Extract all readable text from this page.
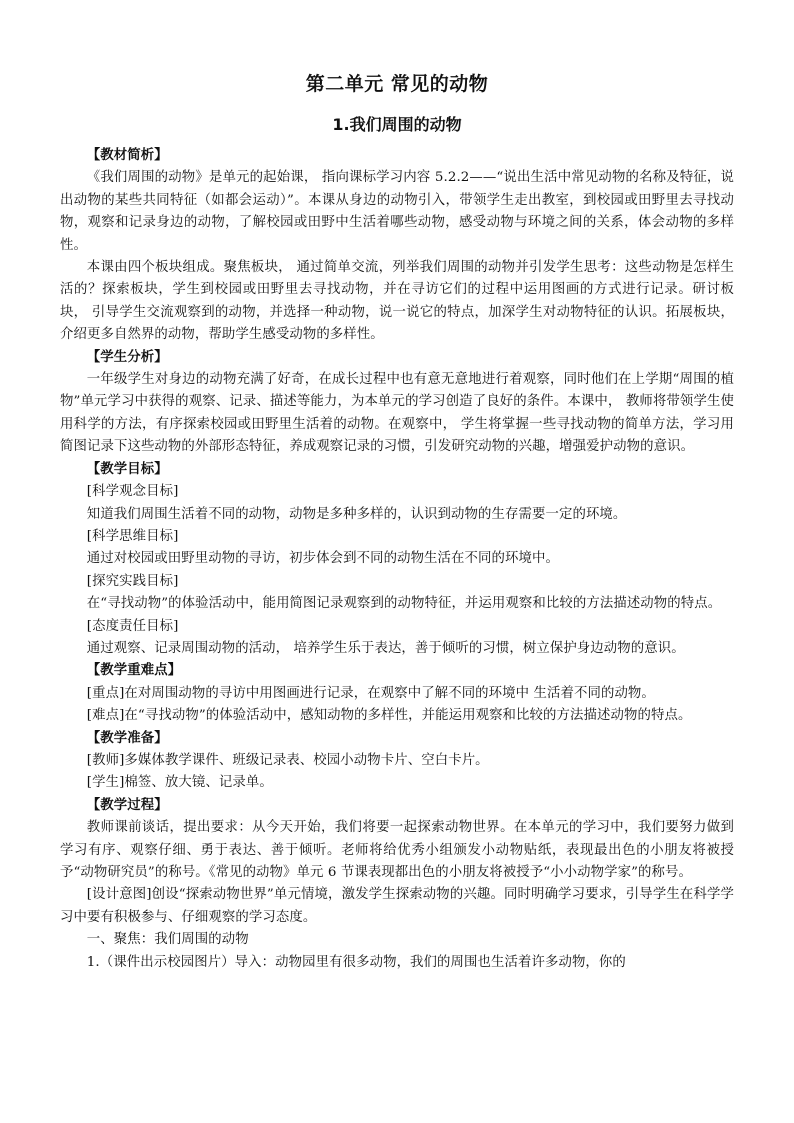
第二单元 常见的动物
1.我们周围的动物

【教材简析】

《我们周围的动物》是单元的起始课， 指向课标学习内容 5.2.2——“说出生活中常见动物的名称及特征，说出动物的某些共同特征（如都会运动）”。本课从身边的动物引入，带领学生走出教室，到校园或田野里去寻找动物，观察和记录身边的动物，了解校园或田野中生活着哪些动物，感受动物与环境之间的关系，体会动物的多样性。

本课由四个板块组成。聚焦板块， 通过简单交流，列举我们周围的动物并引发学生思考：这些动物是怎样生活的？探索板块，学生到校园或田野里去寻找动物，并在寻访它们的过程中运用图画的方式进行记录。研讨板块， 引导学生交流观察到的动物，并选择一种动物，说一说它的特点，加深学生对动物特征的认识。拓展板块，介绍更多自然界的动物，帮助学生感受动物的多样性。

【学生分析】

一年级学生对身边的动物充满了好奇，在成长过程中也有意无意地进行着观察，同时他们在上学期“周围的植物”单元学习中获得的观察、记录、描述等能力，为本单元的学习创造了良好的条件。本课中， 教师将带领学生使用科学的方法，有序探索校园或田野里生活着的动物。在观察中， 学生将掌握一些寻找动物的简单方法，学习用简图记录下这些动物的外部形态特征，养成观察记录的习惯，引发研究动物的兴趣，增强爱护动物的意识。

【教学目标】

[科学观念目标]

知道我们周围生活着不同的动物，动物是多种多样的，认识到动物的生存需要一定的环境。

[科学思维目标]

通过对校园或田野里动物的寻访，初步体会到不同的动物生活在不同的环境中。

[探究实践目标]

在“寻找动物”的体验活动中，能用简图记录观察到的动物特征，并运用观察和比较的方法描述动物的特点。

[态度责任目标]

通过观察、记录周围动物的活动， 培养学生乐于表达，善于倾听的习惯，树立保护身边动物的意识。

【教学重难点】

[重点]在对周围动物的寻访中用图画进行记录，在观察中了解不同的环境中 生活着不同的动物。

[难点]在“寻找动物”的体验活动中，感知动物的多样性，并能运用观察和比较的方法描述动物的特点。

【教学准备】

[教师]多媒体教学课件、班级记录表、校园小动物卡片、空白卡片。

[学生]棉签、放大镜、记录单。

【教学过程】

教师课前谈话，提出要求：从今天开始，我们将要一起探索动物世界。在本单元的学习中，我们要努力做到学习有序、观察仔细、勇于表达、善于倾听。老师将给优秀小组颁发小动物贴纸，表现最出色的小朋友将被授予“动物研究员”的称号。《常见的动物》单元 6 节课表现都出色的小朋友将被授予“小小动物学家”的称号。

[设计意图]创设“探索动物世界”单元情境，激发学生探索动物的兴趣。同时明确学习要求，引导学生在科学学习中要有积极参与、仔细观察的学习态度。

一、聚焦：我们周围的动物

1.（课件出示校园图片）导入：动物园里有很多动物，我们的周围也生活着许多动物，你的
